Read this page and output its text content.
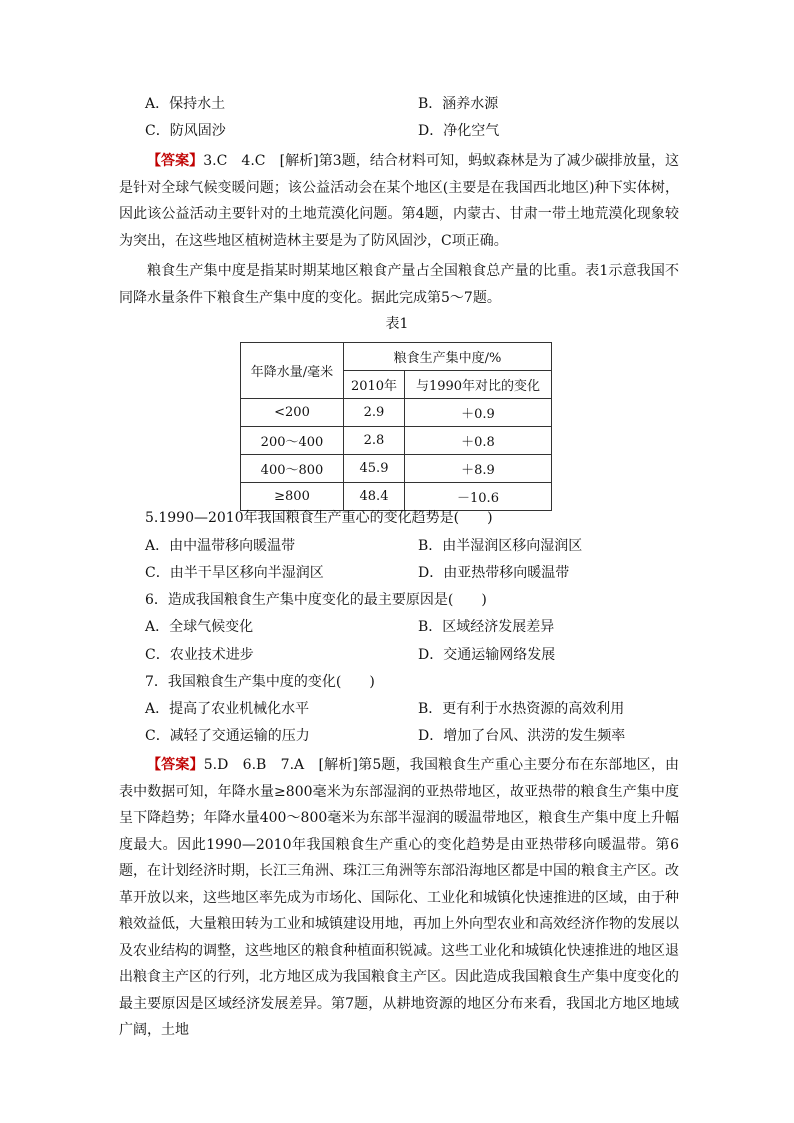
A．保持水土	B．涵养水源
C．防风固沙	D．净化空气
【答案】3.C　4.C　[解析]第3题，结合材料可知，蚂蚁森林是为了减少碳排放量，这是针对全球气候变暖问题；该公益活动会在某个地区(主要是在我国西北地区)种下实体树，因此该公益活动主要针对的土地荒漠化问题。第4题，内蒙古、甘肃一带土地荒漠化现象较为突出，在这些地区植树造林主要是为了防风固沙，C项正确。
粮食生产集中度是指某时期某地区粮食产量占全国粮食总产量的比重。表1示意我国不同降水量条件下粮食生产集中度的变化。据此完成第5～7题。
表1
年降水量/毫米	粮食生产集中度/%	
	2010年	与1990年对比的变化
<200	2.9	＋0.9
200～400	2.8	＋0.8
400～800	45.9	＋8.9
≥800	48.4	－10.6
5.1990—2010年我国粮食生产重心的变化趋势是(　　)
A．由中温带移向暖温带	B．由半湿润区移向湿润区
C．由半干旱区移向半湿润区	D．由亚热带移向暖温带
6．造成我国粮食生产集中度变化的最主要原因是(　　)
A．全球气候变化	B．区域经济发展差异
C．农业技术进步	D．交通运输网络发展
7．我国粮食生产集中度的变化(　　)
A．提高了农业机械化水平	B．更有利于水热资源的高效利用
C．减轻了交通运输的压力	D．增加了台风、洪涝的发生频率
【答案】5.D　6.B　7.A　[解析]第5题，我国粮食生产重心主要分布在东部地区，由表中数据可知，年降水量≥800毫米为东部湿润的亚热带地区，故亚热带的粮食生产集中度呈下降趋势；年降水量400～800毫米为东部半湿润的暖温带地区，粮食生产集中度上升幅度最大。因此1990—2010年我国粮食生产重心的变化趋势是由亚热带移向暖温带。第6题，在计划经济时期，长江三角洲、珠江三角洲等东部沿海地区都是中国的粮食主产区。改革开放以来，这些地区率先成为市场化、国际化、工业化和城镇化快速推进的区域，由于种粮效益低，大量粮田转为工业和城镇建设用地，再加上外向型农业和高效经济作物的发展以及农业结构的调整，这些地区的粮食种植面积锐减。这些工业化和城镇化快速推进的地区退出粮食主产区的行列，北方地区成为我国粮食主产区。因此造成我国粮食生产集中度变化的最主要原因是区域经济发展差异。第7题，从耕地资源的地区分布来看，我国北方地区地域广阔，土地
